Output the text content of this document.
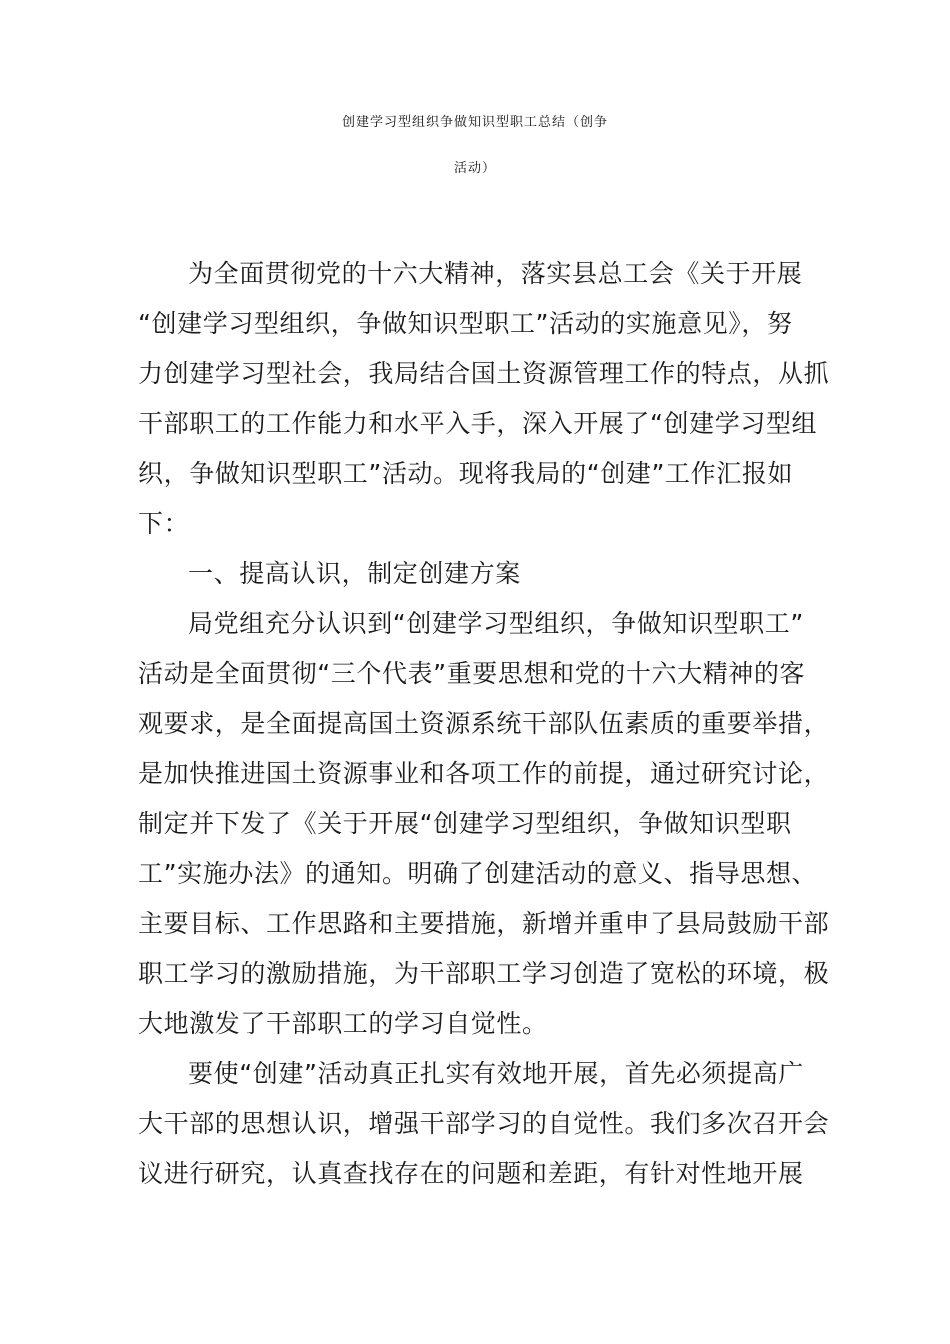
创建学习型组织争做知识型职工总结（创争
活动）
为全面贯彻党的十六大精神，落实县总工会《关于开展
“创建学习型组织，争做知识型职工”活动的实施意见》，努
力创建学习型社会，我局结合国土资源管理工作的特点，从抓
干部职工的工作能力和水平入手，深入开展了“创建学习型组
织，争做知识型职工”活动。现将我局的“创建”工作汇报如
下：
一、提高认识，制定创建方案
局党组充分认识到“创建学习型组织，争做知识型职工”
活动是全面贯彻“三个代表”重要思想和党的十六大精神的客
观要求，是全面提高国土资源系统干部队伍素质的重要举措，
是加快推进国土资源事业和各项工作的前提，通过研究讨论，
制定并下发了《关于开展“创建学习型组织，争做知识型职
工”实施办法》的通知。明确了创建活动的意义、指导思想、
主要目标、工作思路和主要措施，新增并重申了县局鼓励干部
职工学习的激励措施，为干部职工学习创造了宽松的环境，极
大地激发了干部职工的学习自觉性。
要使“创建”活动真正扎实有效地开展，首先必须提高广
大干部的思想认识，增强干部学习的自觉性。我们多次召开会
议进行研究，认真查找存在的问题和差距，有针对性地开展
